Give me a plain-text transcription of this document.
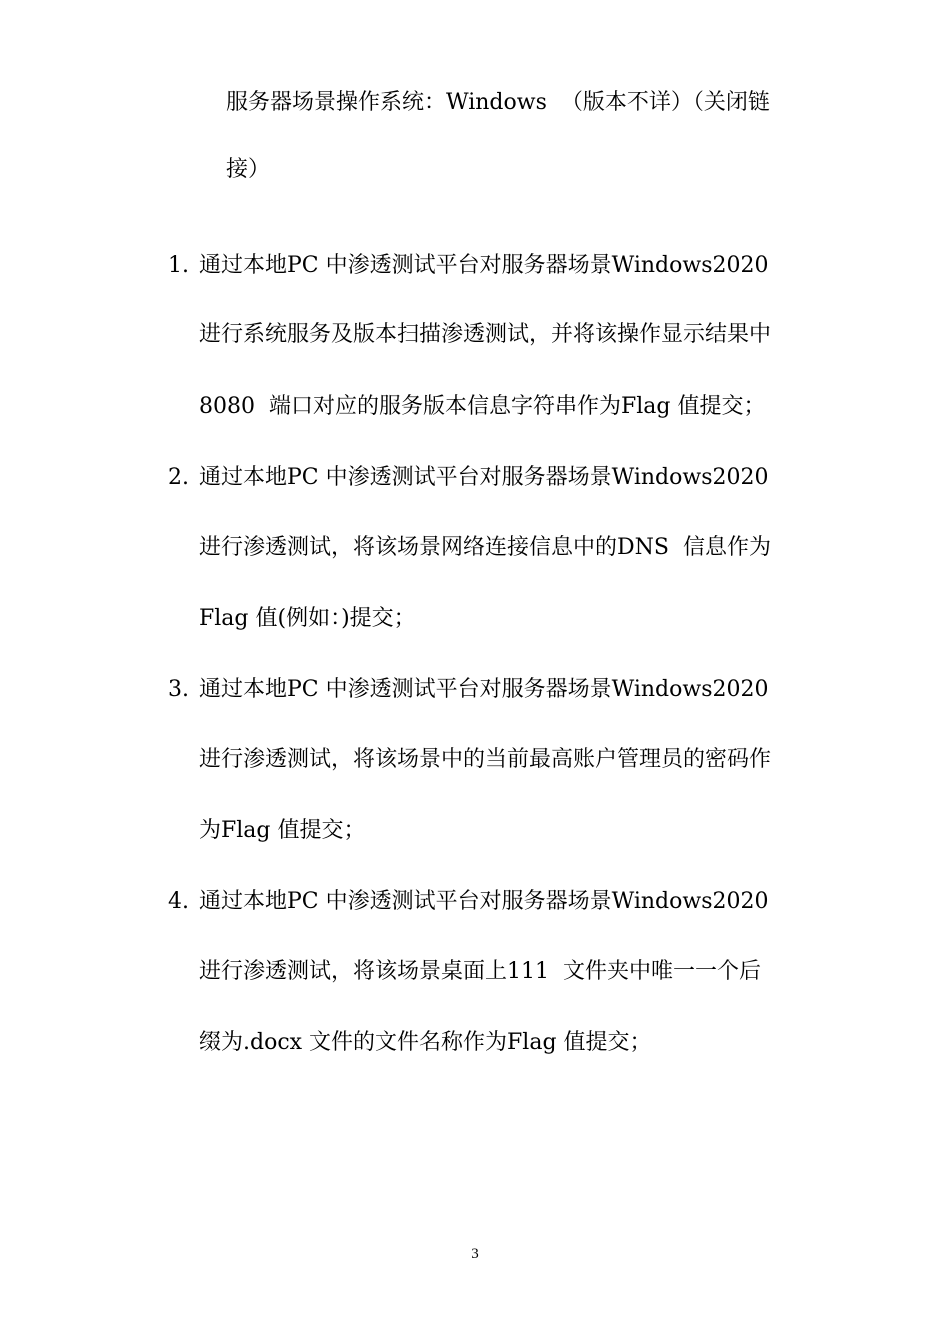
服务器场景操作系统：Windows  （版本不详）（关闭链
接）
1. 通过本地PC 中渗透测试平台对服务器场景Windows2020
进行系统服务及版本扫描渗透测试，并将该操作显示结果中
8080  端口对应的服务版本信息字符串作为Flag 值提交；
2. 通过本地PC 中渗透测试平台对服务器场景Windows2020
进行渗透测试，将该场景网络连接信息中的DNS  信息作为
Flag 值(例如：)提交；
3. 通过本地PC 中渗透测试平台对服务器场景Windows2020
进行渗透测试，将该场景中的当前最高账户管理员的密码作
为Flag 值提交；
4. 通过本地PC 中渗透测试平台对服务器场景Windows2020
进行渗透测试，将该场景桌面上111  文件夹中唯一一个后
缀为.docx 文件的文件名称作为Flag 值提交；
3
